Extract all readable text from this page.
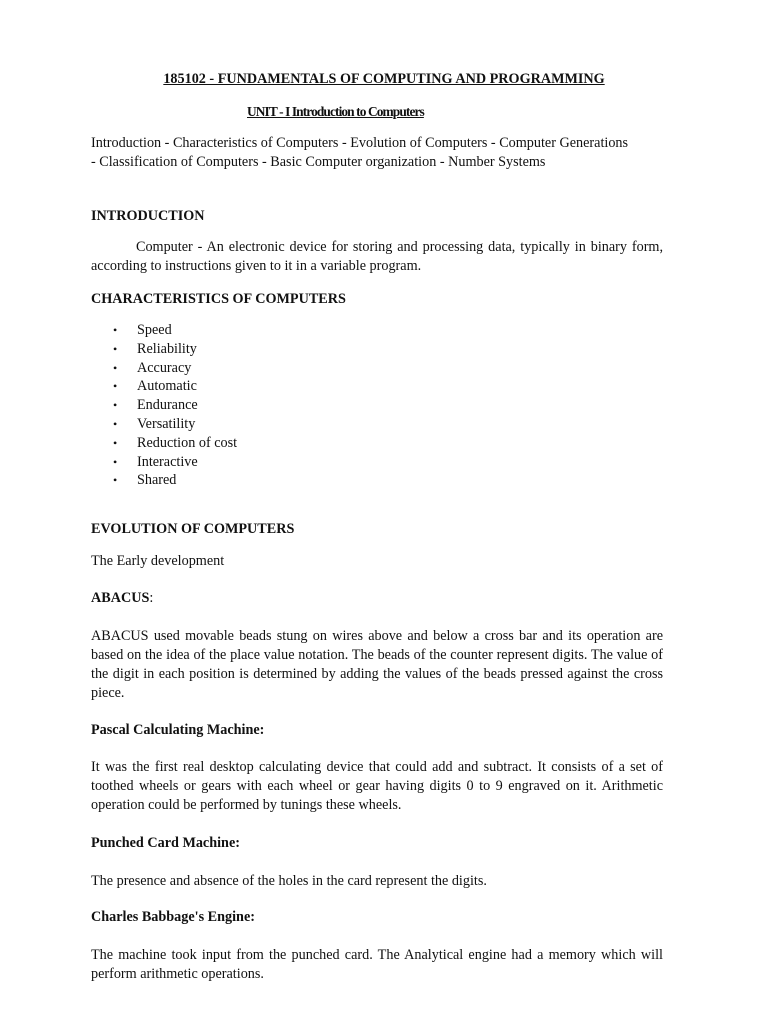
185102 - FUNDAMENTALS OF COMPUTING AND PROGRAMMING
UNIT - I Introduction to Computers
Introduction - Characteristics of Computers - Evolution of Computers - Computer Generations
- Classification of Computers - Basic Computer organization - Number Systems
INTRODUCTION
Computer - An electronic device for storing and processing data, typically in binary form, according to instructions given to it in a variable program.
CHARACTERISTICS OF COMPUTERS
• Speed
• Reliability
• Accuracy
• Automatic
• Endurance
• Versatility
• Reduction of cost
• Interactive
• Shared
EVOLUTION OF COMPUTERS
The Early development
ABACUS:
ABACUS used movable beads stung on wires above and below a cross bar and its operation are based on the idea of the place value notation. The beads of the counter represent digits. The value of the digit in each position is determined by adding the values of the beads pressed against the cross piece.
Pascal Calculating Machine:
It was the first real desktop calculating device that could add and subtract. It consists of a set of toothed wheels or gears with each wheel or gear having digits 0 to 9 engraved on it. Arithmetic operation could be performed by tunings these wheels.
Punched Card Machine:
The presence and absence of the holes in the card represent the digits.
Charles Babbage's Engine:
The machine took input from the punched card. The Analytical engine had a memory which will perform arithmetic operations.
